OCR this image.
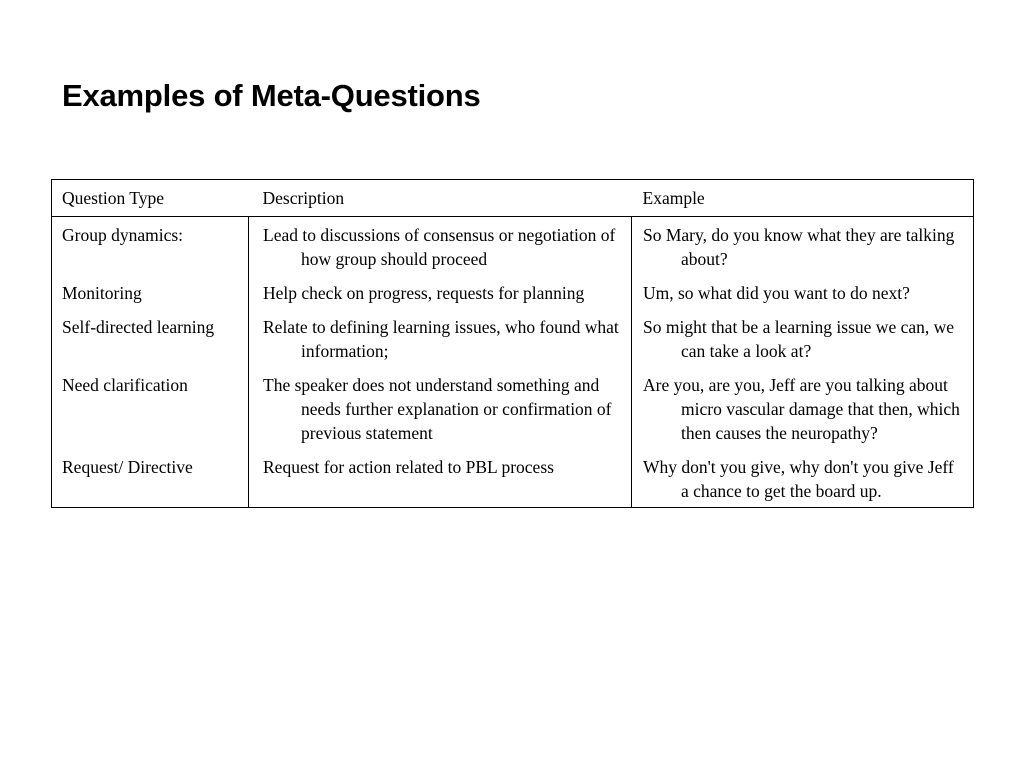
Examples of Meta-Questions
Question Type	Description	Example
Group dynamics:	Lead to discussions of consensus or negotiation of how group should proceed	So Mary, do you know what they are talking about?
Monitoring	Help check on progress, requests for planning	Um, so what did you want to do next?
Self-directed learning	Relate to defining learning issues, who found what information;	So might that be a learning issue we can, we can take a look at?
Need clarification	The speaker does not understand something and needs further explanation or confirmation of previous statement	Are you, are you, Jeff are you talking about micro vascular damage that then, which then causes the neuropathy?
Request/ Directive	Request for action related to PBL process	Why don't you give, why don't you give Jeff a chance to get the board up.
